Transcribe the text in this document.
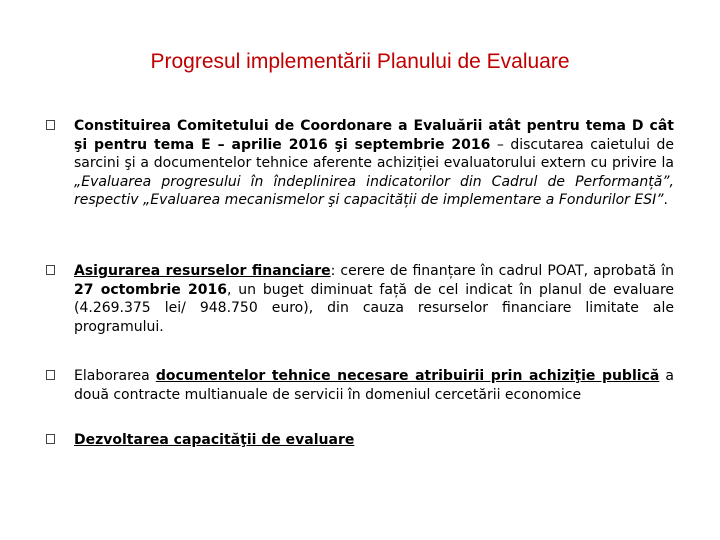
Progresul implementării Planului de Evaluare
Constituirea Comitetului de Coordonare a Evaluării atât pentru tema D cât şi pentru tema E – aprilie 2016 şi septembrie 2016 – discutarea caietului de sarcini şi a documentelor tehnice aferente achiziției evaluatorului extern cu privire la „Evaluarea progresului în îndeplinirea indicatorilor din Cadrul de Performanță”, respectiv „Evaluarea mecanismelor şi capacității de implementare a Fondurilor ESI”.
Asigurarea resurselor financiare: cerere de finanțare în cadrul POAT, aprobată în 27 octombrie 2016, un buget diminuat față de cel indicat în planul de evaluare (4.269.375 lei/ 948.750 euro), din cauza resurselor financiare limitate ale programului.
Elaborarea documentelor tehnice necesare atribuirii prin achiziţie publică a două contracte multianuale de servicii în domeniul cercetării economice
Dezvoltarea capacităţii de evaluare
